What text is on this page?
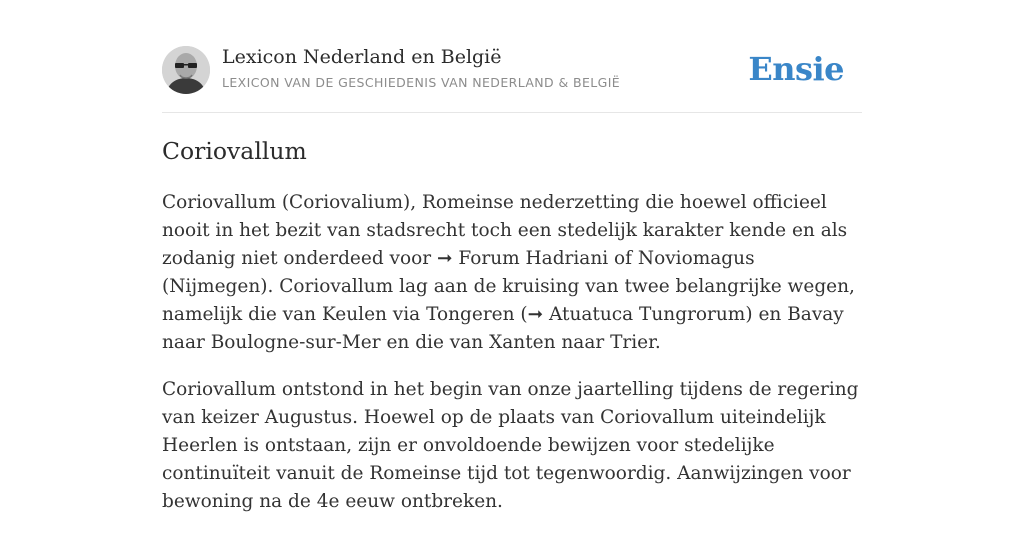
Lexicon Nederland en België
LEXICON VAN DE GESCHIEDENIS VAN NEDERLAND & BELGIË	Ensie
Coriovallum

Coriovallum (Coriovalium), Romeinse nederzetting die hoewel officieel nooit in het bezit van stadsrecht toch een stedelijk karakter kende en als zodanig niet onderdeed voor ➞ Forum Hadriani of Noviomagus (Nijmegen). Coriovallum lag aan de kruising van twee belangrijke wegen, namelijk die van Keulen via Tongeren (➞ Atuatuca Tungrorum) en Bavay naar Boulogne-sur-Mer en die van Xanten naar Trier.

Coriovallum ontstond in het begin van onze jaartelling tijdens de regering van keizer Augustus. Hoewel op de plaats van Coriovallum uiteindelijk Heerlen is ontstaan, zijn er onvoldoende bewijzen voor stedelijke continuïteit vanuit de Romeinse tijd tot tegenwoordig. Aanwijzingen voor bewoning na de 4e eeuw ontbreken.
